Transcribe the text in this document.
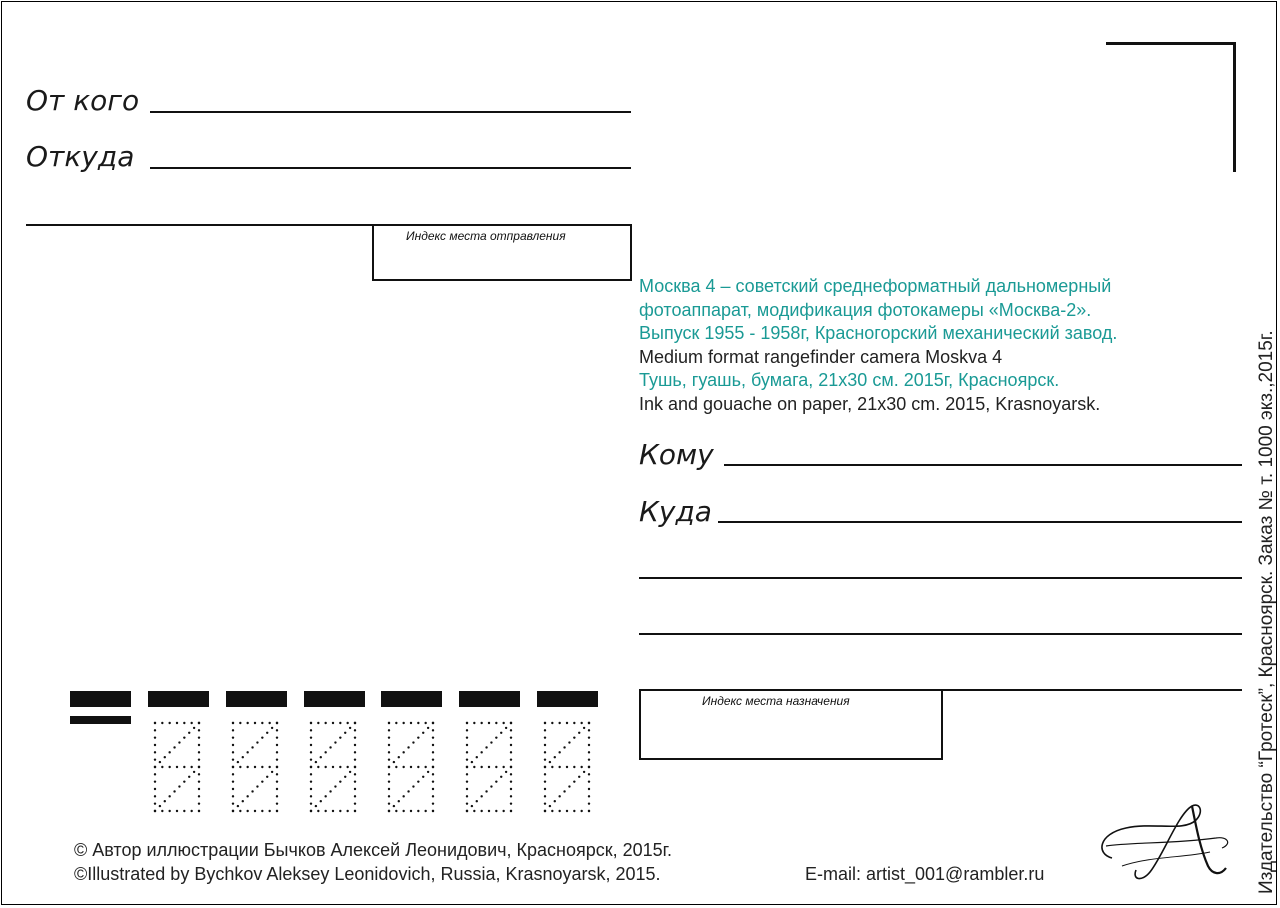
От кого
Откуда
Индекс места отправления
Москва 4 – советский среднеформатный дальномерный
фотоаппарат, модификация фотокамеры «Москва-2».
Выпуск 1955 - 1958г, Красногорский механический завод.
Medium format rangefinder camera Moskva 4
Тушь, гуашь, бумага, 21х30 см. 2015г, Красноярск.
Ink and gouache on paper, 21x30 cm. 2015, Krasnoyarsk.
Кому
Куда
Индекс места назначения	Издательство “Гротеск”, Красноярск. Заказ № т. 1000 экз.,2015г.
© Автор иллюстрации Бычков Алексей Леонидович, Красноярск, 2015г.
©Illustrated by Bychkov Aleksey Leonidovich, Russia, Krasnoyarsk, 2015.	E-mail: artist_001@rambler.ru
